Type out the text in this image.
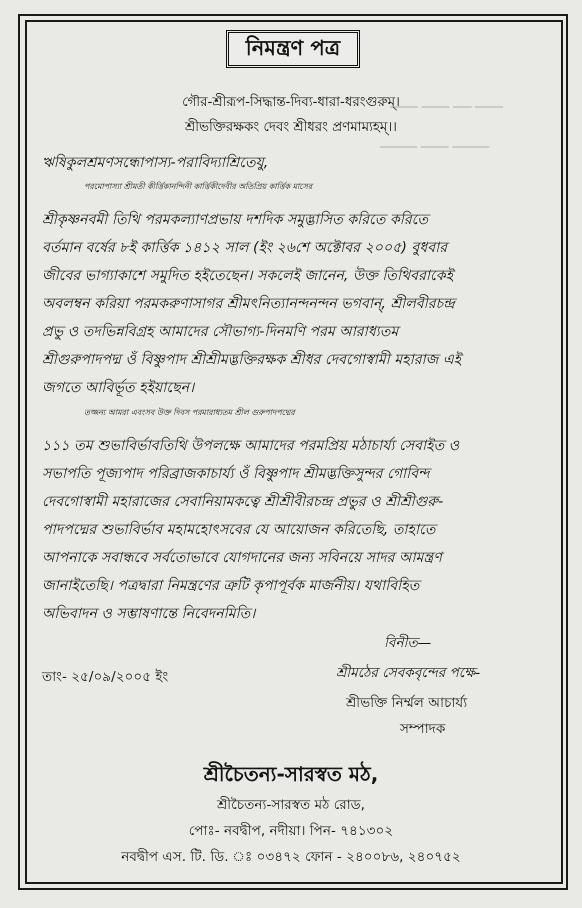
▁▁▁ ▁▁▁ ▁▁ ▁▁▁
▁▁▁▁ ▁▁▁ ▁▁▁▁
নিমন্ত্রণ পত্র
গৌর-শ্রীরূপ-সিদ্ধান্ত-দিব্য-ধারা-ধরংগুরুম্।
শ্রীভক্তিরক্ষকং দেবং শ্রীধরং প্রণমাম্যহম্।।
ঋষিকুলশ্রমণসন্ধোপাস্য-পরাবিদ্যাশ্রিতেযু,
পরমোপাস্যা শ্রীমতী কীর্ত্তিকানন্দিনী কার্ত্তিকীদেবীর অতিপ্রিয় কার্ত্তিক মাসের
শ্রীকৃষ্ণনবমী তিথি পরমকল্যাণপ্রভায় দশদিক সমুদ্ভাসিত করিতে করিতে
বর্তমান বর্ষের ৮ই কার্ত্তিক ১৪১২ সাল (ইং ২৬শে অক্টোবর ২০০৫) বুধবার
জীবের ভাগ্যাকাশে সমুদিত হইতেছেন। সকলেই জানেন, উক্ত তিথিবরাকেই
অবলম্বন করিয়া পরমকরুণাসাগর শ্রীমৎনিত্যানন্দনন্দন ভগবান্, শ্রীলবীরচন্দ্র
প্রভু ও তদভিন্নবিগ্রহ আমাদের সৌভাগ্য-দিনমণি পরম আরাধ্যতম
শ্রীগুরুপাদপদ্ম ওঁ বিষ্ণুপাদ শ্রীশ্রীমদ্ভক্তিরক্ষক শ্রীধর দেবগোস্বামী মহারাজ এই
জগতে আবির্ভূত হইয়াছেন।
তজ্জন্য আমরা এবংসব উক্ত দিবস পরমারাধ্যতম শ্রীল গুরুপাদপদ্মের
১১১ তম শুভাবির্ভাবতিথি উপলক্ষে আমাদের পরমপ্রিয় মঠাচার্য্য সেবাইত ও
সভাপতি পূজ্যপাদ পরিব্রাজকাচার্য্য ওঁ বিষ্ণুপাদ শ্রীমদ্ভক্তিসুন্দর গোবিন্দ
দেবগোস্বামী মহারাজের সেবানিয়ামকত্বে শ্রীশ্রীবীরচন্দ্র প্রভুর ও শ্রীশ্রীগুরু-
পাদপদ্মের শুভাবির্ভাব মহামহোৎসবের যে আয়োজন করিতেছি, তাহাতে
আপনাকে সবান্ধবে সর্বতোভাবে যোগদানের জন্য সবিনয়ে সাদর আমন্ত্রণ
জানাইতেছি। পত্রদ্বারা নিমন্ত্রণের ত্রুটি কৃপাপূর্বক মার্জনীয়। যথাবিহিত
অভিবাদন ও সম্ভাষণান্তে নিবেদনমিতি।
বিনীত—
তাং- ২৫/০৯/২০০৫ ইং	শ্রীমঠের সেবকবৃন্দের পক্ষে-
শ্রীভক্তি নির্ম্মল আচার্য্য
সম্পাদক
শ্রীচৈতন্য-সারস্বত মঠ,
শ্রীচৈতন্য-সারস্বত মঠ রোড,
পোঃ- নবদ্বীপ, নদীয়া। পিন- ৭৪১৩০২
নবদ্বীপ এস. টি. ডি. ঃ ০৩৪৭২ ফোন - ২৪০০৮৬, ২৪০৭৫২
